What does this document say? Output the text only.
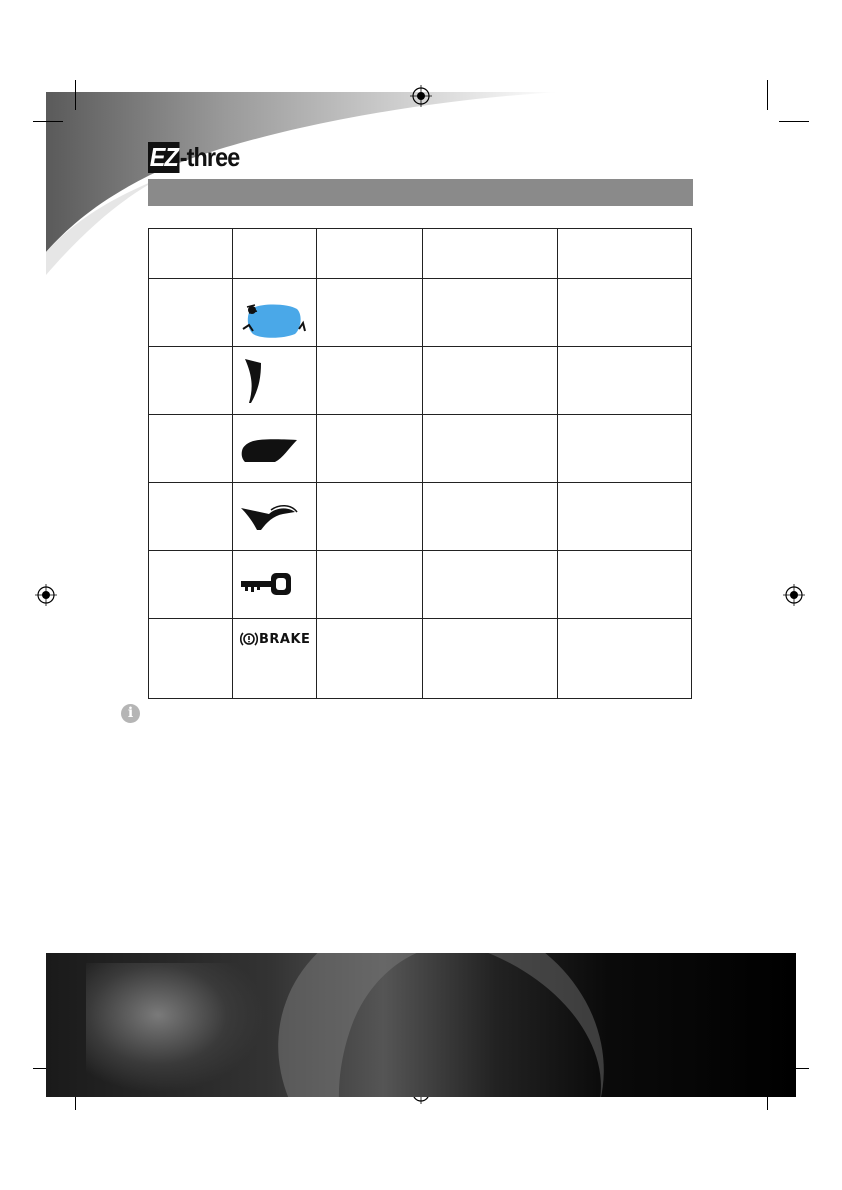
EZ-three

	BRAKE			

i
